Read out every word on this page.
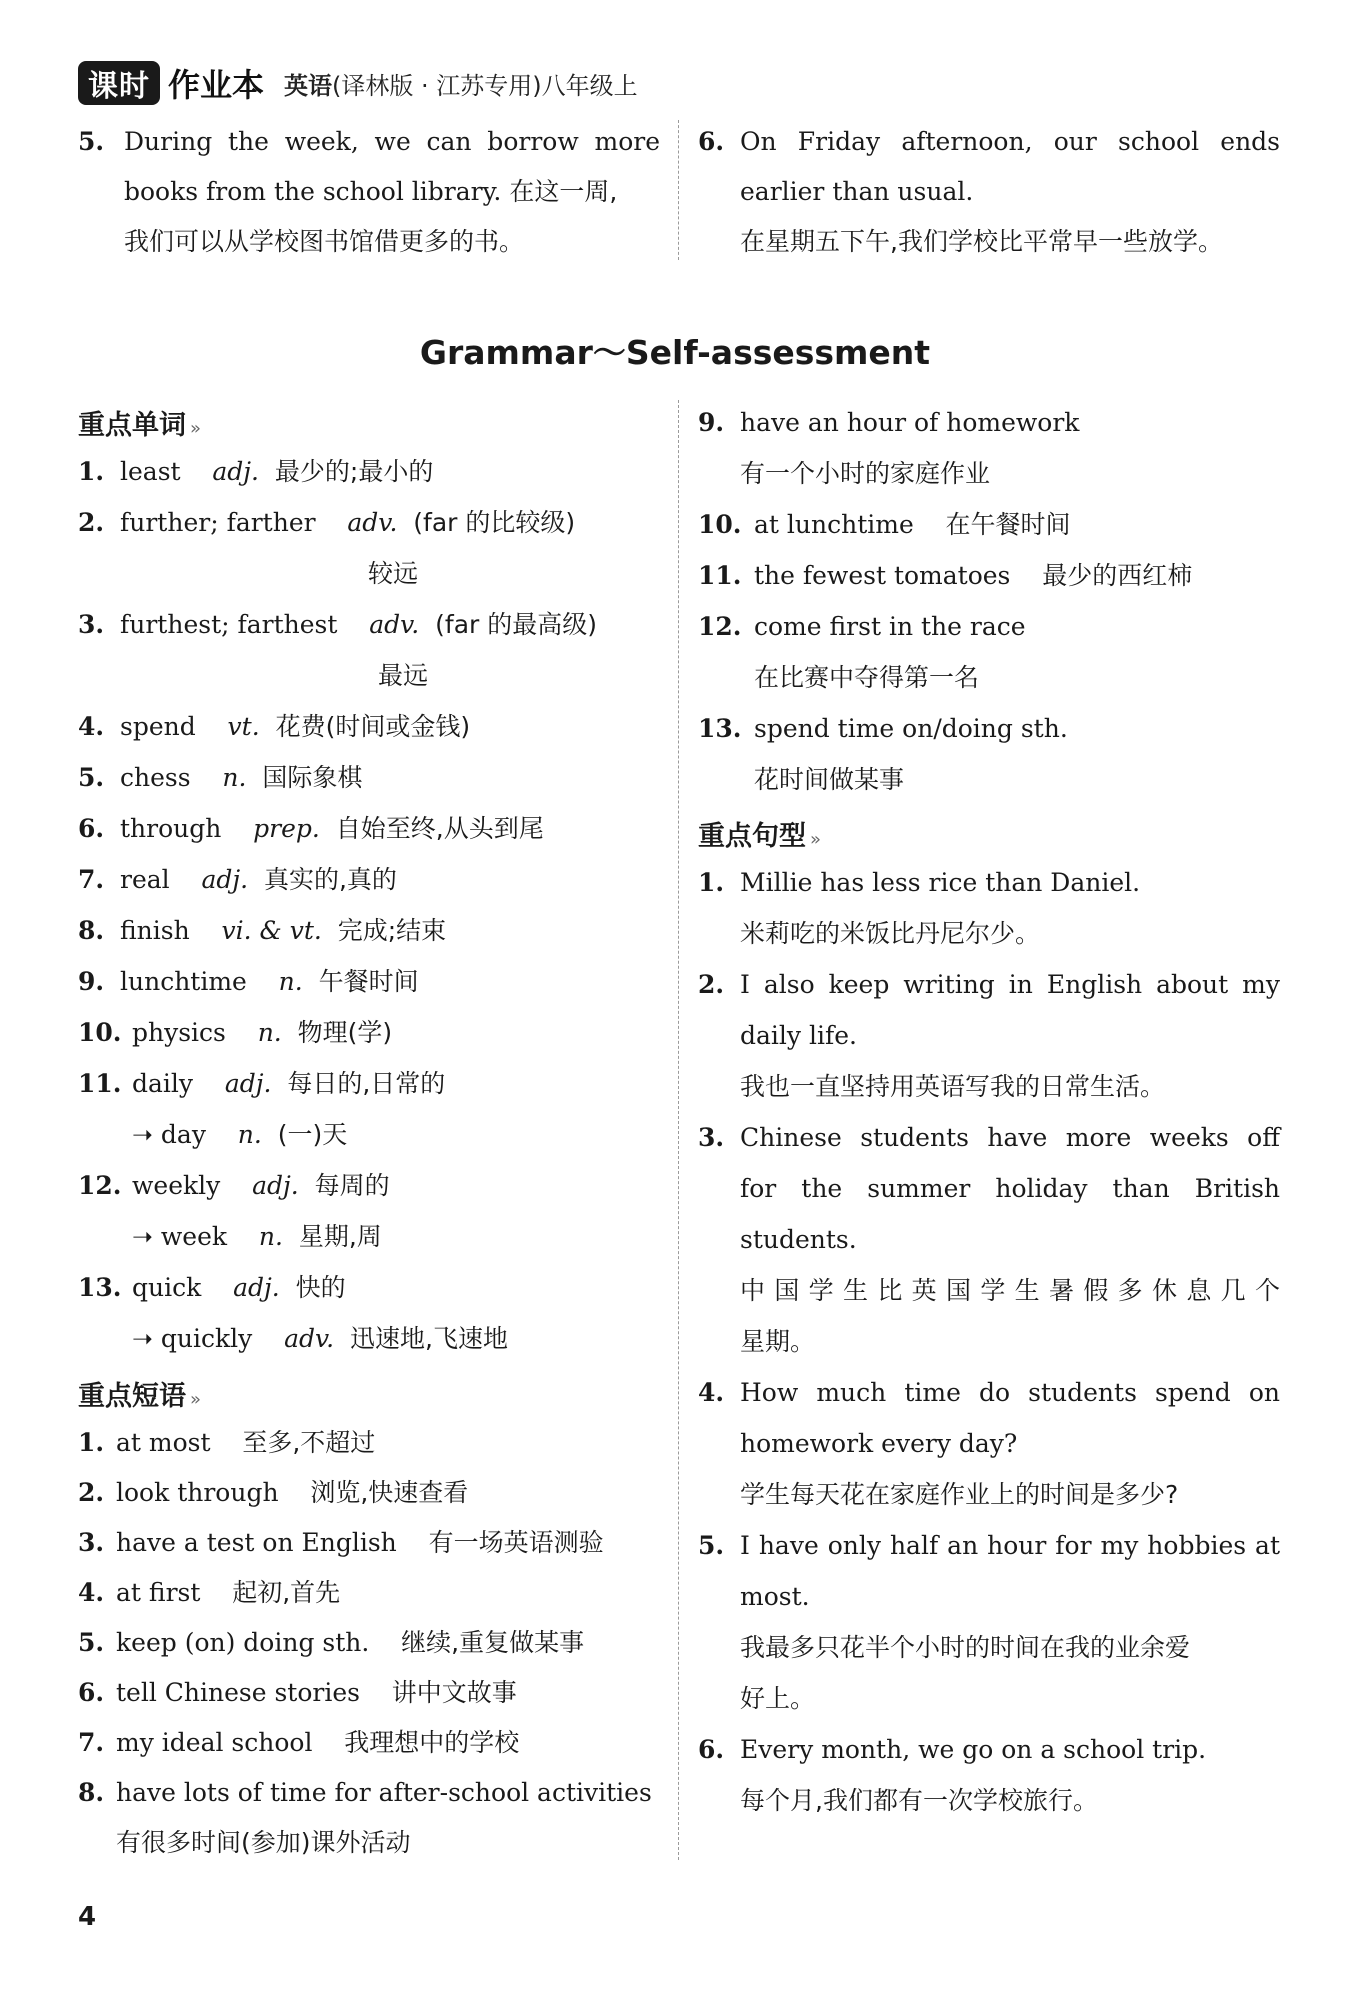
课时 作业本 英语(译林版 · 江苏专用)八年级上
5. During the week, we can borrow more
books from the school library. 在这一周,
我们可以从学校图书馆借更多的书。
6. On Friday afternoon, our school ends
earlier than usual.
在星期五下午,我们学校比平常早一些放学。
Grammar～Self-assessment
重点单词 »
1. least adj. 最少的;最小的
2. further; farther adv. (far 的比较级)
较远
3. furthest; farthest adv. (far 的最高级)
最远
4. spend vt. 花费(时间或金钱)
5. chess n. 国际象棋
6. through prep. 自始至终,从头到尾
7. real adj. 真实的,真的
8. finish vi. & vt. 完成;结束
9. lunchtime n. 午餐时间
10. physics n. 物理(学)
11. daily adj. 每日的,日常的
➝ day n. (一)天
12. weekly adj. 每周的
➝ week n. 星期,周
13. quick adj. 快的
➝ quickly adv. 迅速地,飞速地
重点短语 »
1. at most 至多,不超过
2. look through 浏览,快速查看
3. have a test on English 有一场英语测验
4. at first 起初,首先
5. keep (on) doing sth. 继续,重复做某事
6. tell Chinese stories 讲中文故事
7. my ideal school 我理想中的学校
8. have lots of time for after-school activities
有很多时间(参加)课外活动
9. have an hour of homework
有一个小时的家庭作业
10. at lunchtime 在午餐时间
11. the fewest tomatoes 最少的西红柿
12. come first in the race
在比赛中夺得第一名
13. spend time on/doing sth.
花时间做某事
重点句型 »
1. Millie has less rice than Daniel.
米莉吃的米饭比丹尼尔少。
2. I also keep writing in English about my
daily life.
我也一直坚持用英语写我的日常生活。
3. Chinese students have more weeks off
for the summer holiday than British
students.
中国学生比英国学生暑假多休息几个
星期。
4. How much time do students spend on
homework every day?
学生每天花在家庭作业上的时间是多少?
5. I have only half an hour for my hobbies at
most.
我最多只花半个小时的时间在我的业余爱
好上。
6. Every month, we go on a school trip.
每个月,我们都有一次学校旅行。
4
